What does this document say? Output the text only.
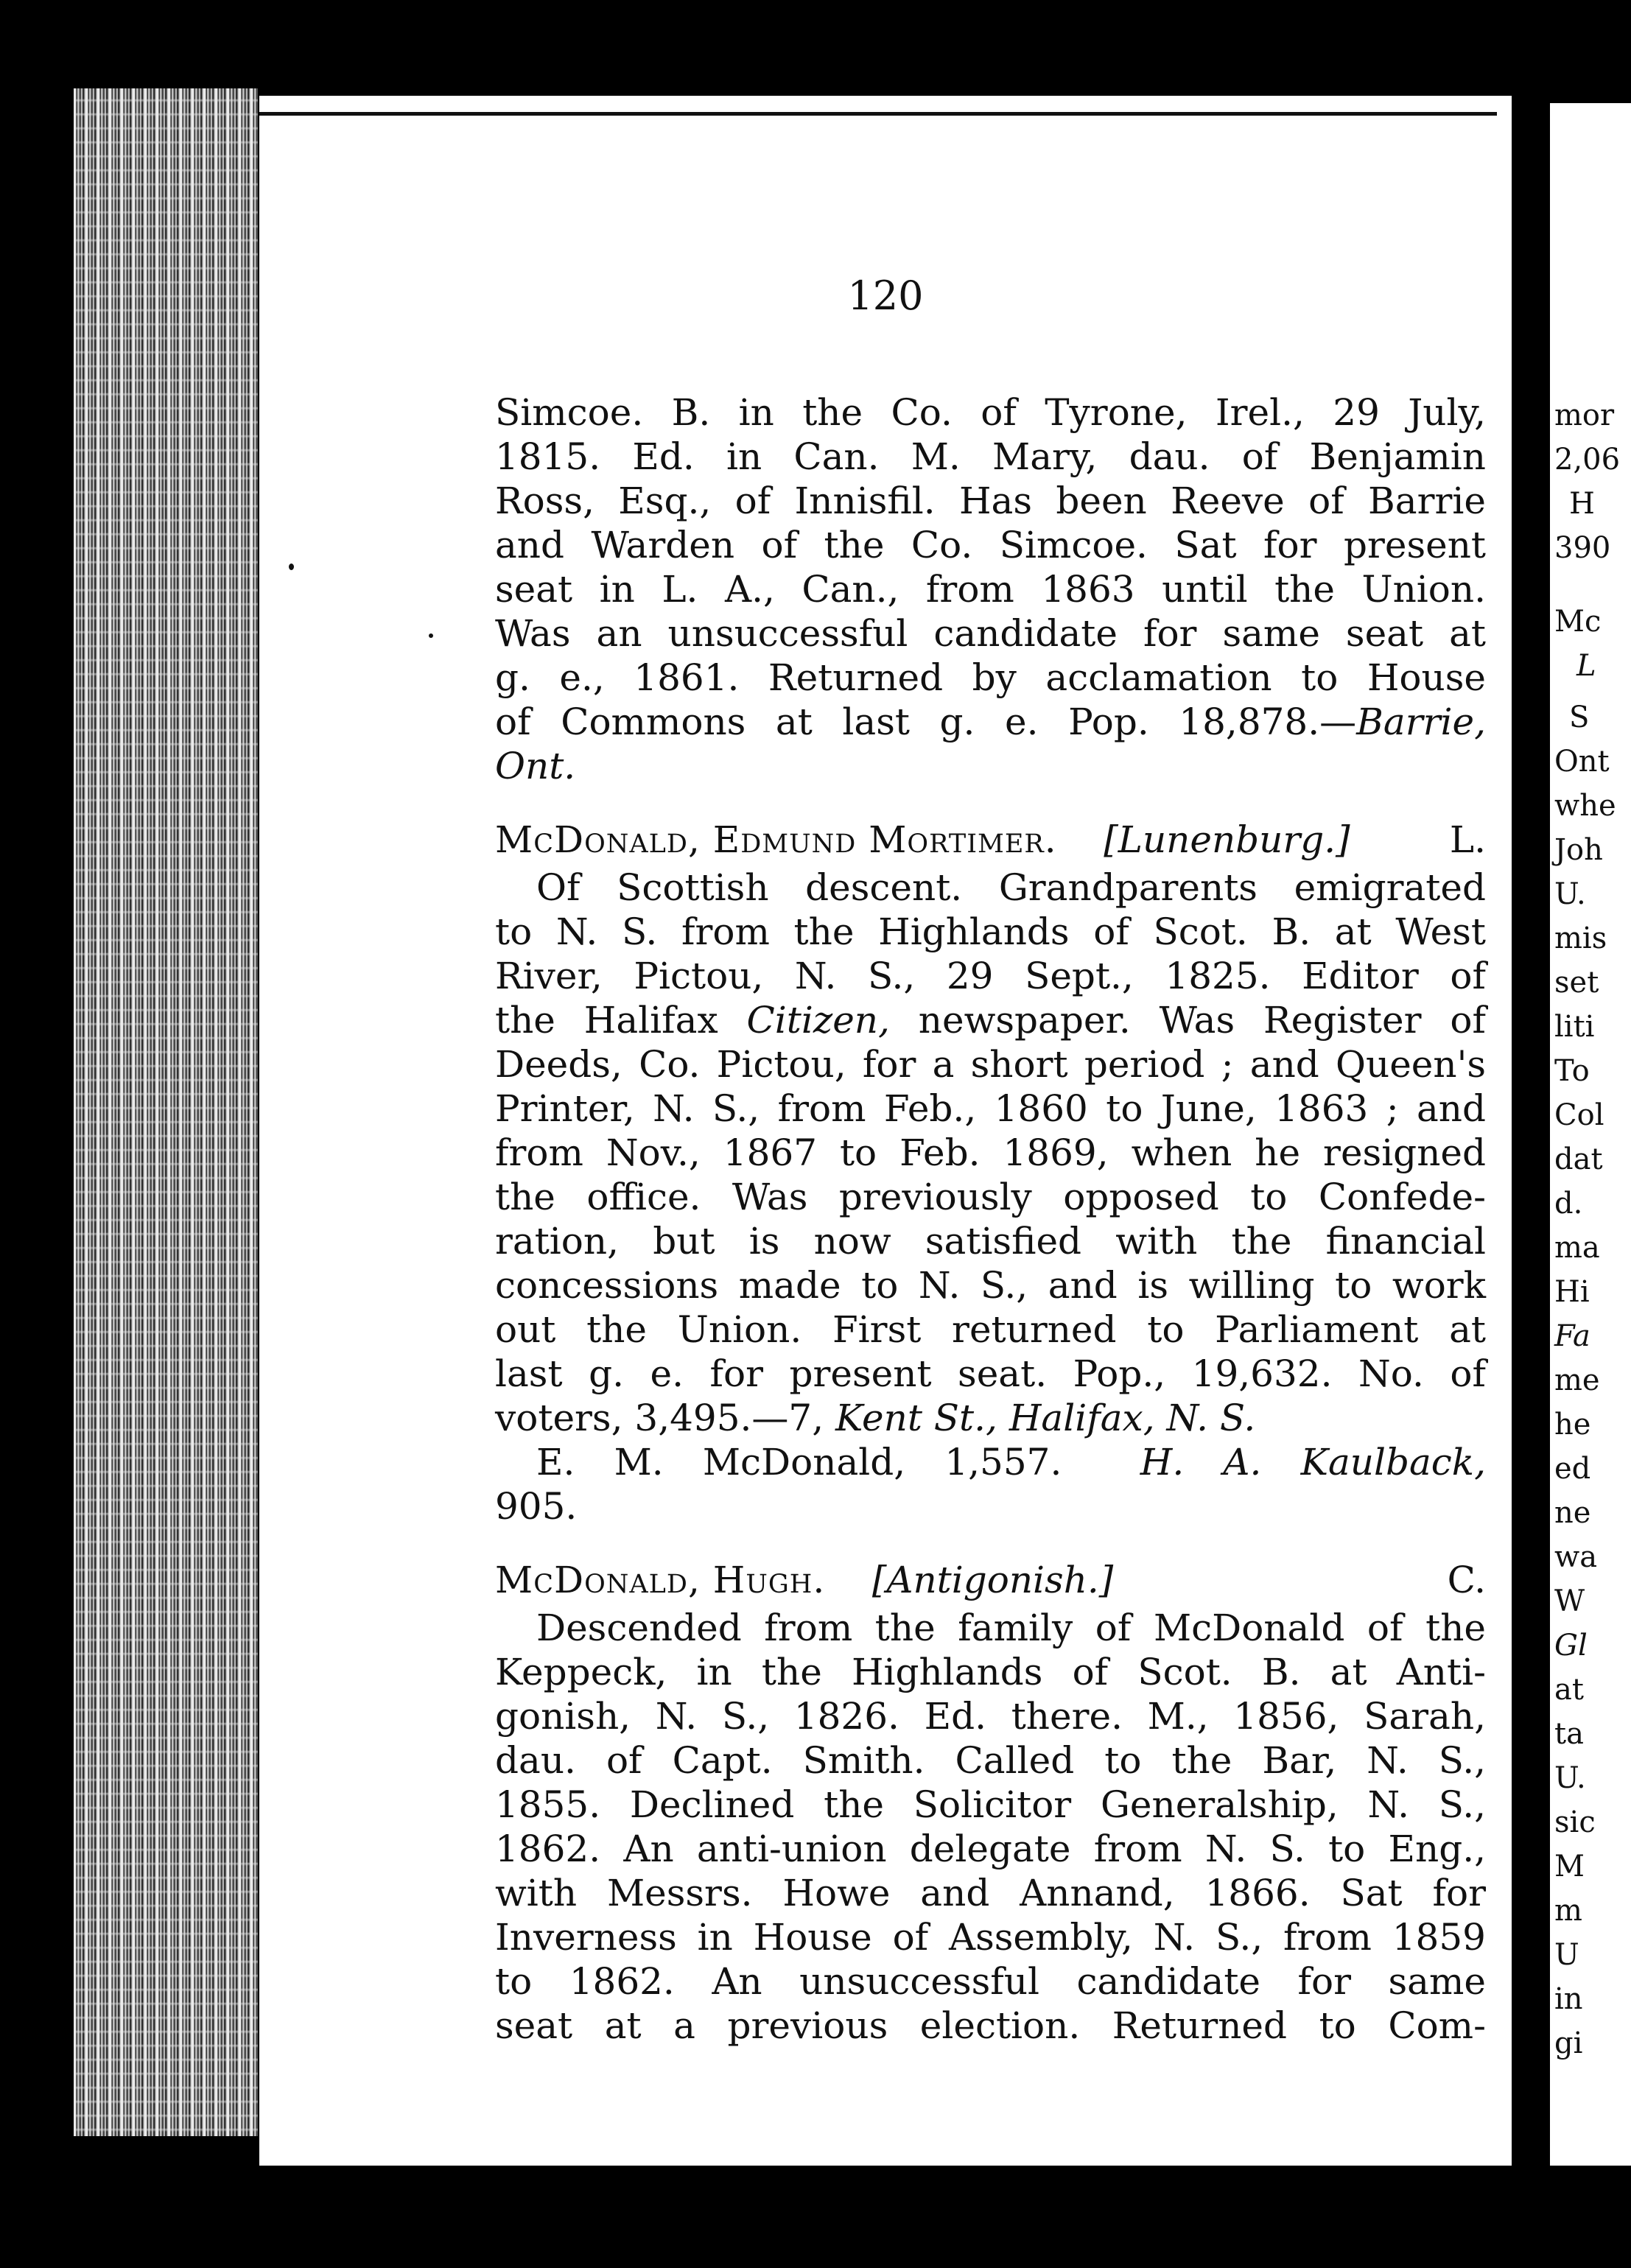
120
Simcoe. B. in the Co. of Tyrone, Irel., 29 July,
1815. Ed. in Can. M. Mary, dau. of Benjamin
Ross, Esq., of Innisfil. Has been Reeve of Barrie
and Warden of the Co. Simcoe. Sat for present
seat in L. A., Can., from 1863 until the Union.
Was an unsuccessful candidate for same seat at
g. e., 1861. Returned by acclamation to House
of Commons at last g. e. Pop. 18,878.—Barrie,
Ont.
McDonald, Edmund Mortimer. [Lunenburg.]	L.
Of Scottish descent. Grandparents emigrated
to N. S. from the Highlands of Scot. B. at West
River, Pictou, N. S., 29 Sept., 1825. Editor of
the Halifax Citizen, newspaper. Was Register of
Deeds, Co. Pictou, for a short period ; and Queen's
Printer, N. S., from Feb., 1860 to June, 1863 ; and
from Nov., 1867 to Feb. 1869, when he resigned
the office. Was previously opposed to Confede-
ration, but is now satisfied with the financial
concessions made to N. S., and is willing to work
out the Union. First returned to Parliament at
last g. e. for present seat. Pop., 19,632. No. of
voters, 3,495.—7, Kent St., Halifax, N. S.
E. M. McDonald, 1,557. H. A. Kaulback,
905.
McDonald, Hugh. [Antigonish.]	C.
Descended from the family of McDonald of the
Keppeck, in the Highlands of Scot. B. at Anti-
gonish, N. S., 1826. Ed. there. M., 1856, Sarah,
dau. of Capt. Smith. Called to the Bar, N. S.,
1855. Declined the Solicitor Generalship, N. S.,
1862. An anti-union delegate from N. S. to Eng.,
with Messrs. Howe and Annand, 1866. Sat for
Inverness in House of Assembly, N. S., from 1859
to 1862. An unsuccessful candidate for same
seat at a previous election. Returned to Com-
mor
2,06
H
390
Mc
L
S
Ont
whe
Joh
U.
mis
set
liti
To
Col
dat
d.
ma
Hi
Fa
me
he
ed
ne
wa
W
Gl
at
ta
U.
sic
M
m
U
in
gi
